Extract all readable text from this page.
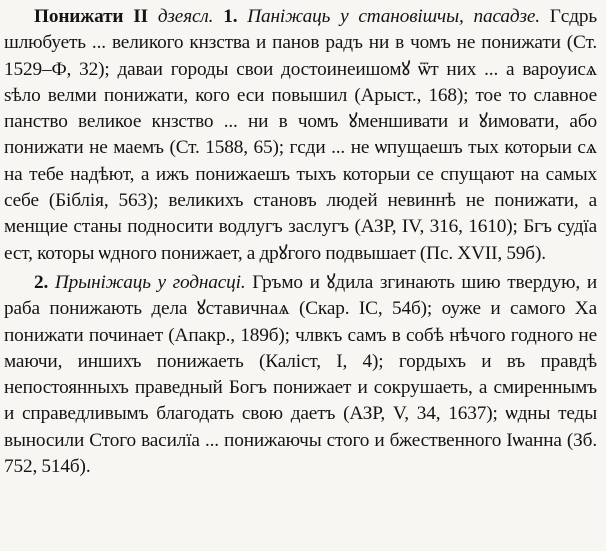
Понижати II дзеясл. 1. Паніжаць у становішчы, пасадзе. Гсдрь шлюбуеть ... великого кнзства и панов радъ ни в чомъ не понижати (Ст. 1529–Ф, 32); даваи городы свои достоинеишомꙋ ѿт них ... а вароуисѧ ѕѣло велми понижати, кого еси повышил (Арыст., 168); тое то славное панство великое кнзство ... ни в чомъ ꙋменшивати и ꙋимовати, або понижати не маемъ (Ст. 1588, 65); гсди ... не ѡпущаешъ тых которыи сѧ на тебе надѣют, а ижъ понижаешъ тыхъ которыи се спущают на самых себе (Біблія, 563); великихъ становъ людей невиннѣ не понижати, а менщие станы подносити водлугъ заслугъ (АЗР, IV, 316, 1610); Бгъ судїа ест, которы ѡдного понижает, а дрꙋгого подвышает (Пс. XVII, 59б).

2. Прыніжаць у годнасці. Гръмо и ꙋдила згинають шию твердую, и раба понижають дела ꙋставичнаѧ (Скар. ІС, 54б); оуже и самого Ха понижати починает (Апакр., 189б); члвкъ самъ в собѣ нѣчого годного не маючи, иншихъ понижаеть (Каліст, І, 4); гордыхъ и въ правдѣ непостоянныхъ праведный Богъ понижает и сокрушаеть, а смиреннымъ и справедливымъ благодать свою даетъ (АЗР, V, 34, 1637); ѡдны теды выносили Стого василїа ... понижаючы стого и бжественного Іѡанна (Зб. 752, 514б).
